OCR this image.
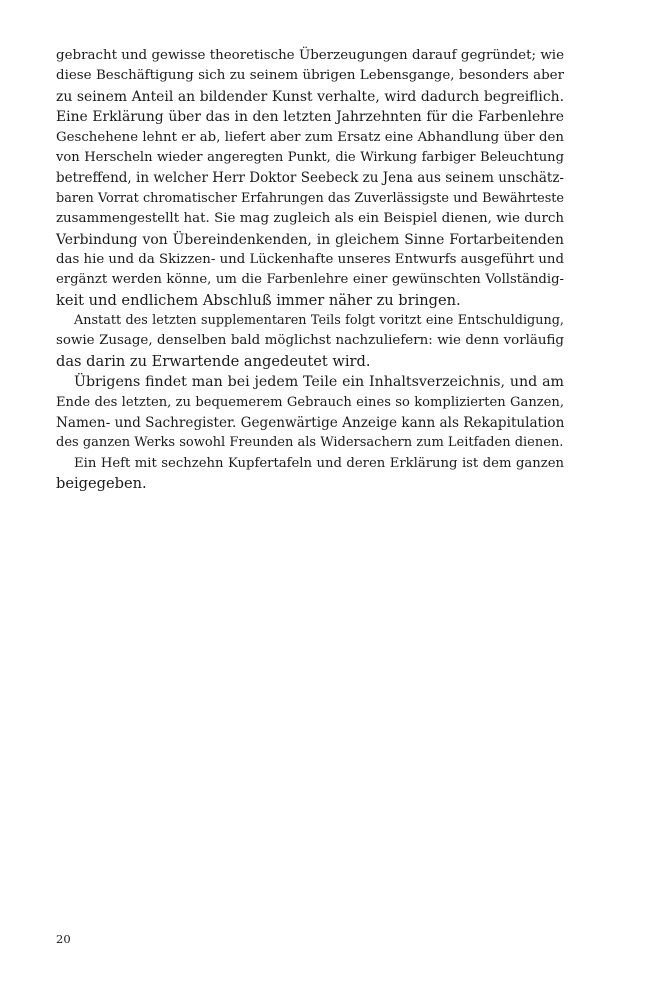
gebracht und gewisse theoretische Überzeugungen darauf gegründet; wie
diese Beschäftigung sich zu seinem übrigen Lebensgange, besonders aber
zu seinem Anteil an bildender Kunst verhalte, wird dadurch begreiflich.
Eine Erklärung über das in den letzten Jahrzehnten für die Farbenlehre
Geschehene lehnt er ab, liefert aber zum Ersatz eine Abhandlung über den
von Herscheln wieder angeregten Punkt, die Wirkung farbiger Beleuchtung
betreffend, in welcher Herr Doktor Seebeck zu Jena aus seinem unschätz-
baren Vorrat chromatischer Erfahrungen das Zuverlässigste und Bewährteste
zusammengestellt hat. Sie mag zugleich als ein Beispiel dienen, wie durch
Verbindung von Übereindenkenden, in gleichem Sinne Fortarbeitenden
das hie und da Skizzen- und Lückenhafte unseres Entwurfs ausgeführt und
ergänzt werden könne, um die Farbenlehre einer gewünschten Vollständig-
keit und endlichem Abschluß immer näher zu bringen.
Anstatt des letzten supplementaren Teils folgt voritzt eine Entschuldigung,
sowie Zusage, denselben bald möglichst nachzuliefern: wie denn vorläufig
das darin zu Erwartende angedeutet wird.
Übrigens findet man bei jedem Teile ein Inhaltsverzeichnis, und am
Ende des letzten, zu bequemerem Gebrauch eines so komplizierten Ganzen,
Namen- und Sachregister. Gegenwärtige Anzeige kann als Rekapitulation
des ganzen Werks sowohl Freunden als Widersachern zum Leitfaden dienen.
Ein Heft mit sechzehn Kupfertafeln und deren Erklärung ist dem ganzen
beigegeben.
20
